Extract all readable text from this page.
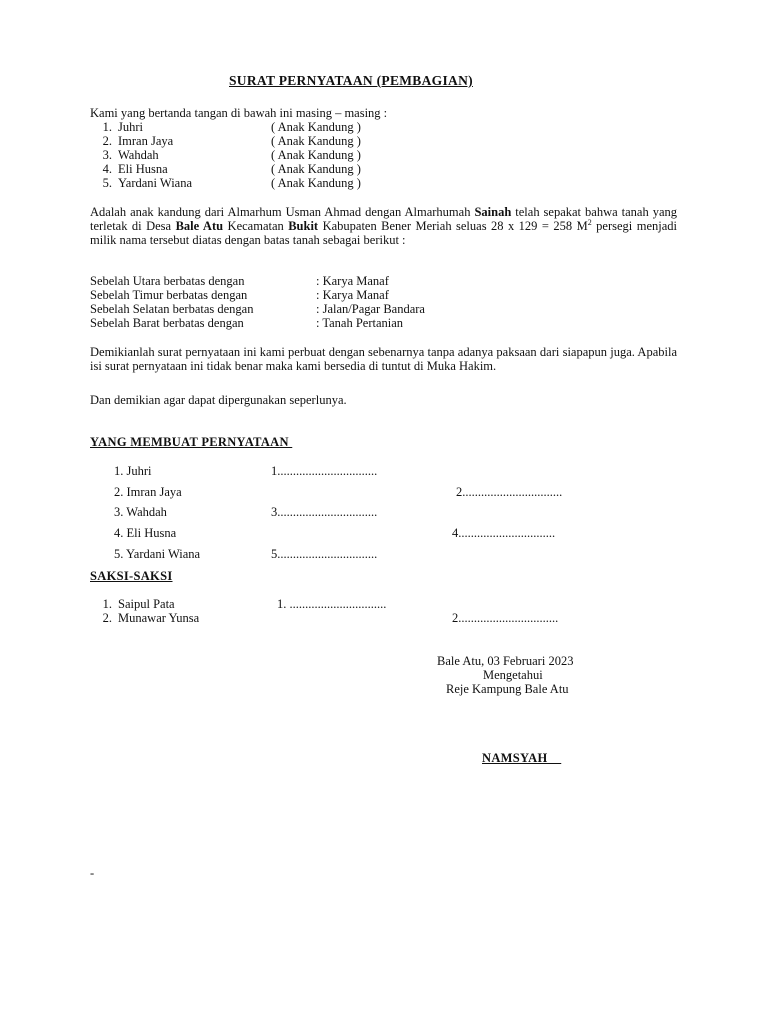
SURAT PERNYATAAN (PEMBAGIAN)
Kami yang bertanda tangan di bawah ini masing – masing :
1. Juhri	( Anak Kandung )
2. Imran Jaya	( Anak Kandung )
3. Wahdah	( Anak Kandung )
4. Eli Husna	( Anak Kandung )
5. Yardani Wiana	( Anak Kandung )
Adalah anak kandung dari Almarhum Usman Ahmad dengan Almarhumah Sainah telah sepakat bahwa tanah yang terletak di Desa Bale Atu Kecamatan Bukit Kabupaten Bener Meriah seluas 28 x 129 = 258 $M^2$ persegi menjadi milik nama tersebut diatas dengan batas tanah sebagai berikut :
Sebelah Utara berbatas dengan	: Karya Manaf
Sebelah Timur berbatas dengan	: Karya Manaf
Sebelah Selatan berbatas dengan	: Jalan/Pagar Bandara
Sebelah Barat berbatas dengan	: Tanah Pertanian
Demikianlah surat pernyataan ini kami perbuat dengan sebenarnya tanpa adanya paksaan dari siapapun juga. Apabila isi surat pernyataan ini tidak benar maka kami bersedia di tuntut di Muka Hakim.
Dan demikian agar dapat dipergunakan seperlunya.
YANG MEMBUAT PERNYATAAN
1. Juhri	1................................
2. Imran Jaya	2................................
3. Wahdah	3................................
4. Eli Husna	4...............................
5. Yardani Wiana	5................................
SAKSI-SAKSI
1. Saipul Pata	1. ...............................
2. Munawar Yunsa	2................................
Bale Atu, 03 Februari 2023
Mengetahui
Reje Kampung Bale Atu
NAMSYAH
-
